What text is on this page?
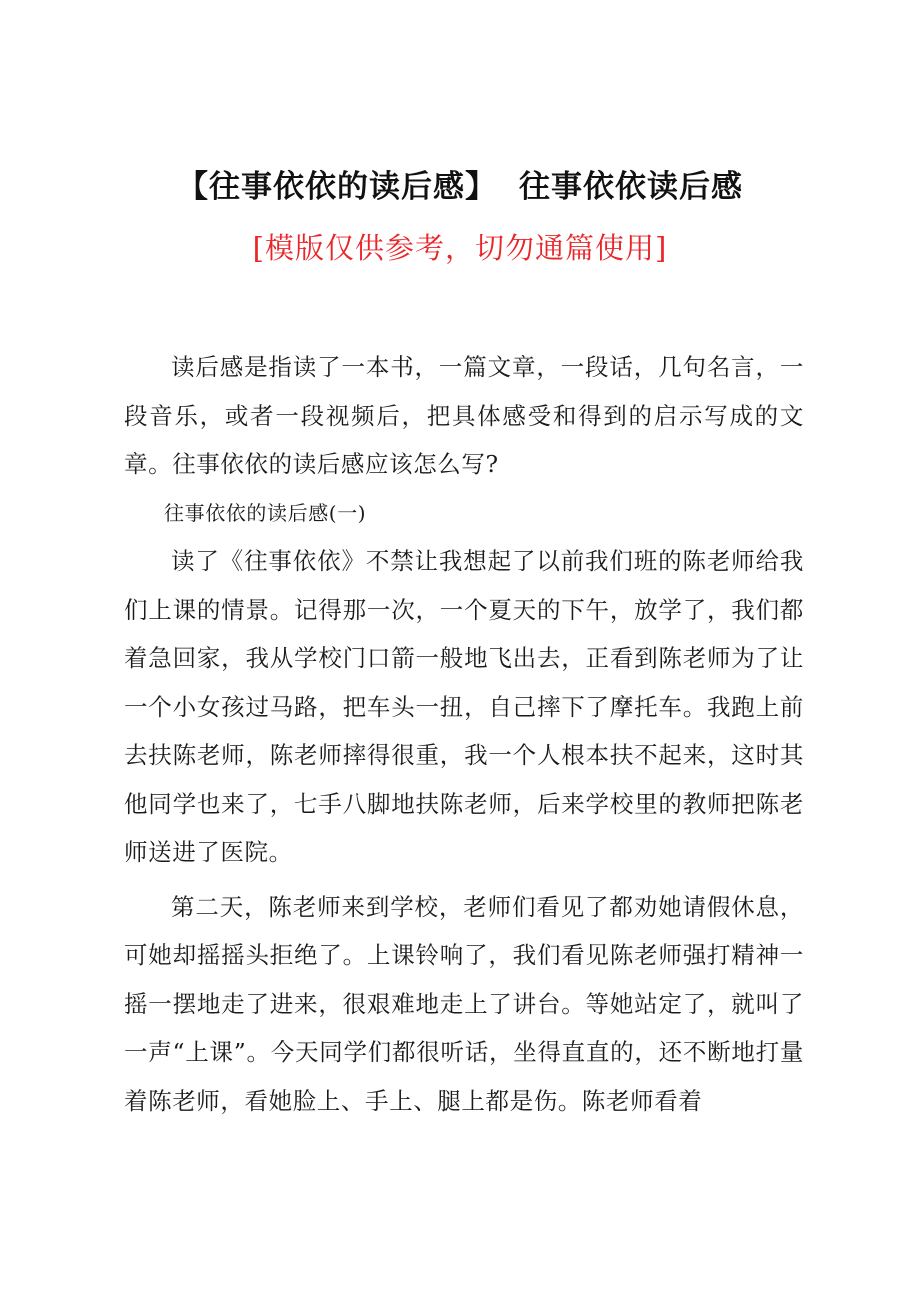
【往事依依的读后感】 往事依依读后感
[模版仅供参考，切勿通篇使用]

读后感是指读了一本书，一篇文章，一段话，几句名言，一段音乐，或者一段视频后，把具体感受和得到的启示写成的文章。往事依依的读后感应该怎么写?

往事依依的读后感(一)

读了《往事依依》不禁让我想起了以前我们班的陈老师给我们上课的情景。记得那一次，一个夏天的下午，放学了，我们都着急回家，我从学校门口箭一般地飞出去，正看到陈老师为了让一个小女孩过马路，把车头一扭，自己摔下了摩托车。我跑上前去扶陈老师，陈老师摔得很重，我一个人根本扶不起来，这时其他同学也来了，七手八脚地扶陈老师，后来学校里的教师把陈老师送进了医院。

第二天，陈老师来到学校，老师们看见了都劝她请假休息，可她却摇摇头拒绝了。上课铃响了，我们看见陈老师强打精神一摇一摆地走了进来，很艰难地走上了讲台。等她站定了，就叫了一声“上课”。今天同学们都很听话，坐得直直的，还不断地打量着陈老师，看她脸上、手上、腿上都是伤。陈老师看着
